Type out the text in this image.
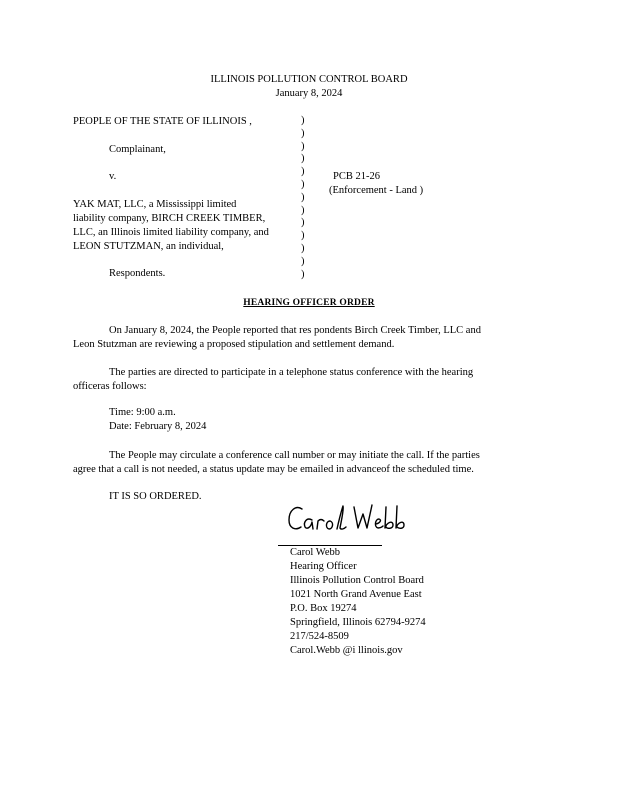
ILLINOIS POLLUTION CONTROL BOARD
January 8, 2024
PEOPLE OF THE STATE OF ILLINOIS ,
Complainant,
v.
YAK MAT, LLC, a Mississippi limited
liability company, BIRCH CREEK TIMBER,
LLC, an Illinois limited liability company, and
LEON STUTZMAN, an individual,
Respondents.
PCB 21-26
(Enforcement - Land )
)
)
)
)
)
)
)
)
)
)
)
)
)
HEARING OFFICER ORDER
On January 8, 2024, the People reported that res pondents Birch Creek Timber, LLC and
Leon Stutzman are reviewing a proposed stipulation and settlement demand.
The parties are directed to participate in a telephone status conference with the hearing
officeras follows:
Time: 9:00 a.m.
Date: February 8, 2024
The People may circulate a conference call number or may initiate the call. If the parties
agree that a call is not needed, a status update may be emailed in advanceof the scheduled time.
IT IS SO ORDERED.
Carol Webb
Hearing Officer
Illinois Pollution Control Board
1021 North Grand Avenue East
P.O. Box 19274
Springfield, Illinois 62794-9274
217/524-8509
Carol.Webb @i llinois.gov
